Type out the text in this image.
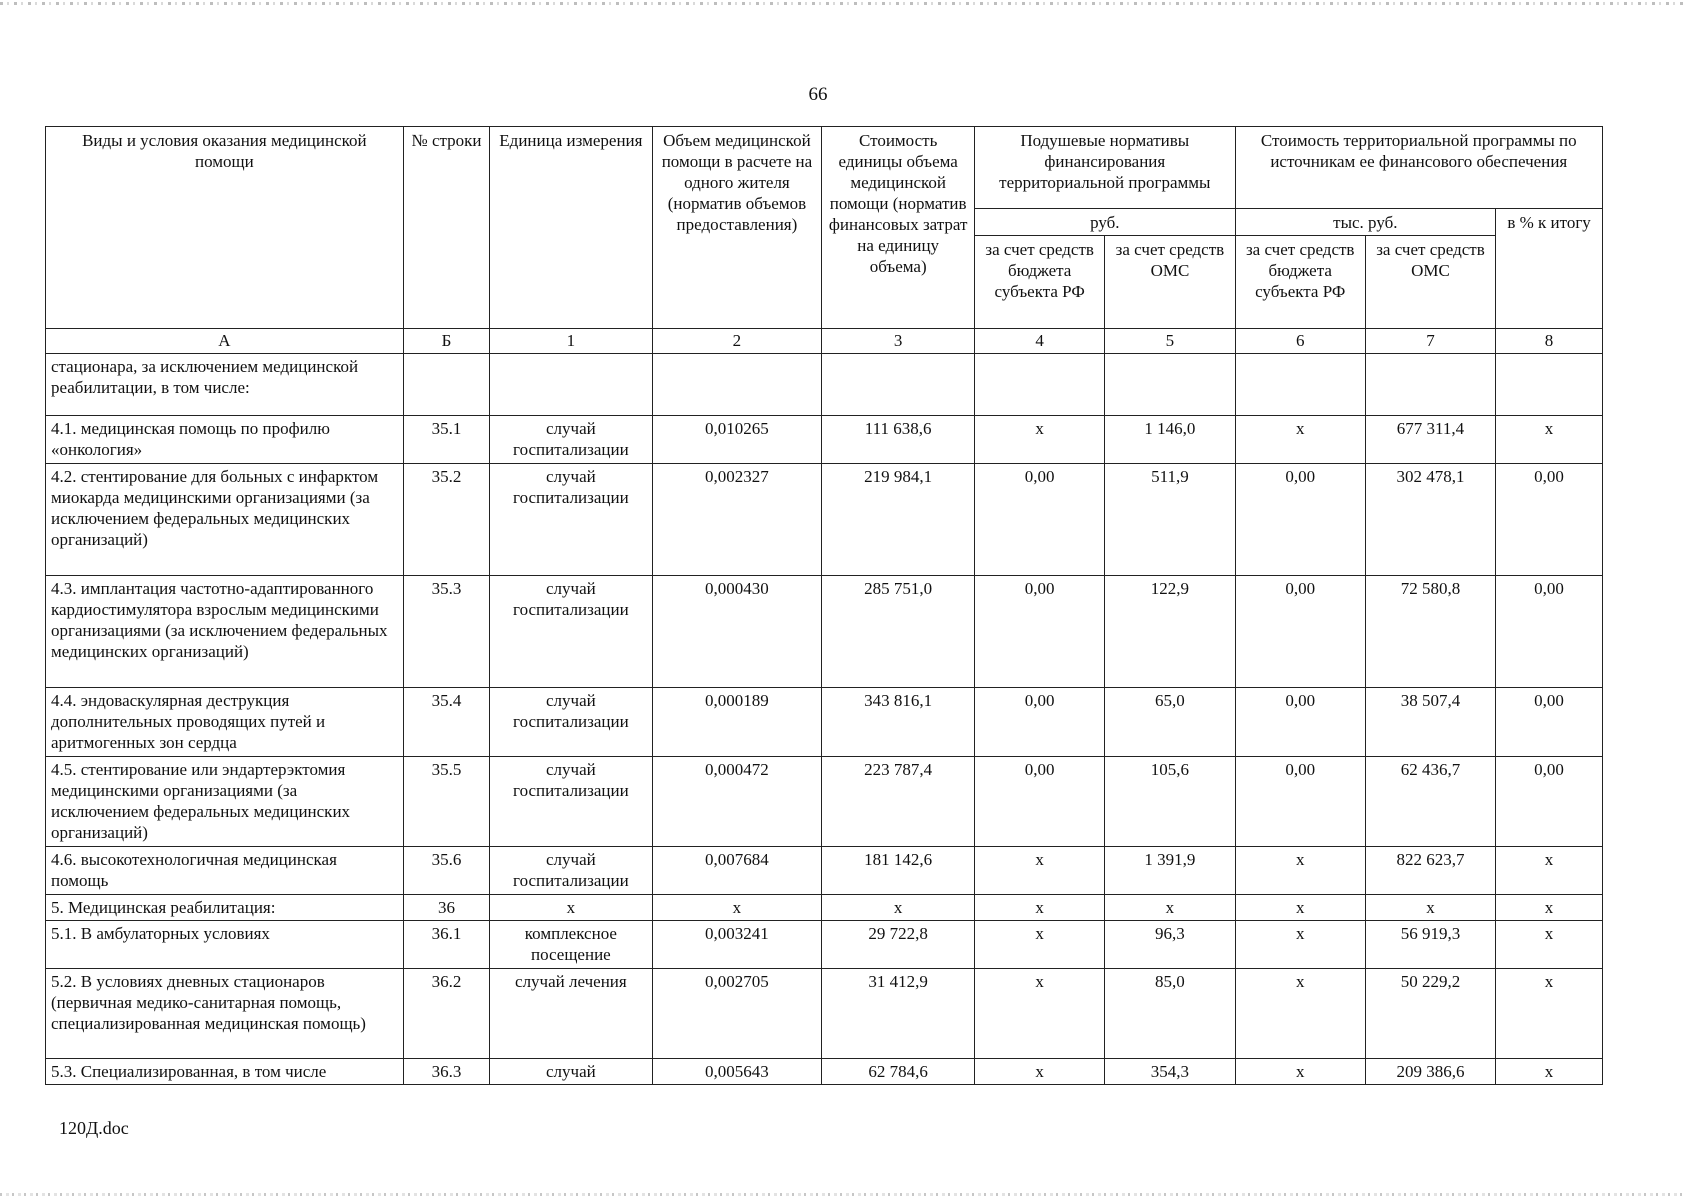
66
Виды и условия оказания медицинской помощи	№ строки	Единица измерения	Объем медицинской помощи в расчете на одного жителя (норматив объемов предоставления)	Стоимость единицы объема медицинской помощи (норматив финансовых затрат на единицу объема)	Подушевые нормативы финансирования территориальной программы		Стоимость территориальной программы по источникам ее финансового обеспечения		
					руб.		тыс. руб.		в % к итогу
					за счет средств бюджета субъекта РФ	за счет средств ОМС	за счет средств бюджета субъекта РФ	за счет средств ОМС	
А	Б	1	2	3	4	5	6	7	8
стационара, за исключением медицинской реабилитации, в том числе:									
4.1. медицинская помощь по профилю «онкология»	35.1	случай госпитализации	0,010265	111 638,6	x	1 146,0	x	677 311,4	x
4.2. стентирование для больных с инфарктом миокарда медицинскими организациями (за исключением федеральных медицинских организаций)	35.2	случай госпитализации	0,002327	219 984,1	0,00	511,9	0,00	302 478,1	0,00
4.3. имплантация частотно-адаптированного кардиостимулятора взрослым медицинскими организациями (за исключением федеральных медицинских организаций)	35.3	случай госпитализации	0,000430	285 751,0	0,00	122,9	0,00	72 580,8	0,00
4.4. эндоваскулярная деструкция дополнительных проводящих путей и аритмогенных зон сердца	35.4	случай госпитализации	0,000189	343 816,1	0,00	65,0	0,00	38 507,4	0,00
4.5. стентирование или эндартерэктомия медицинскими организациями (за исключением федеральных медицинских организаций)	35.5	случай госпитализации	0,000472	223 787,4	0,00	105,6	0,00	62 436,7	0,00
4.6. высокотехнологичная медицинская помощь	35.6	случай госпитализации	0,007684	181 142,6	x	1 391,9	x	822 623,7	x
5. Медицинская реабилитация:	36	x	x	x	x	x	x	x	x
5.1. В амбулаторных условиях	36.1	комплексное посещение	0,003241	29 722,8	x	96,3	x	56 919,3	x
5.2. В условиях дневных стационаров (первичная медико-санитарная помощь, специализированная медицинская помощь)	36.2	случай лечения	0,002705	31 412,9	x	85,0	x	50 229,2	x
5.3. Специализированная, в том числе	36.3	случай	0,005643	62 784,6	x	354,3	x	209 386,6	x
120Д.doc
